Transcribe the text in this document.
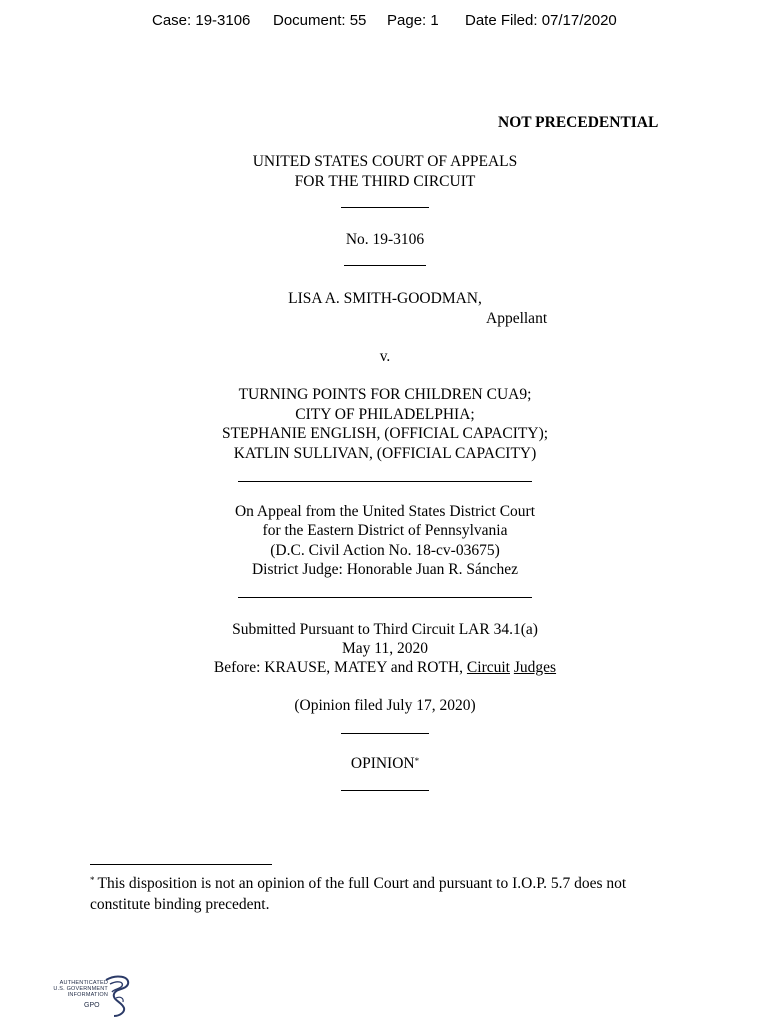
Case: 19-3106 Document: 55 Page: 1 Date Filed: 07/17/2020
NOT PRECEDENTIAL
UNITED STATES COURT OF APPEALS
FOR THE THIRD CIRCUIT
No. 19-3106
LISA A. SMITH-GOODMAN,
Appellant
v.
TURNING POINTS FOR CHILDREN CUA9;
CITY OF PHILADELPHIA;
STEPHANIE ENGLISH, (OFFICIAL CAPACITY);
KATLIN SULLIVAN, (OFFICIAL CAPACITY)
On Appeal from the United States District Court
for the Eastern District of Pennsylvania
(D.C. Civil Action No. 18-cv-03675)
District Judge: Honorable Juan R. Sánchez
Submitted Pursuant to Third Circuit LAR 34.1(a)
May 11, 2020
Before: KRAUSE, MATEY and ROTH, Circuit Judges
(Opinion filed July 17, 2020)
OPINION*
* This disposition is not an opinion of the full Court and pursuant to I.O.P. 5.7 does not constitute binding precedent.
AUTHENTICATED
U.S. GOVERNMENT
INFORMATION
GPO
